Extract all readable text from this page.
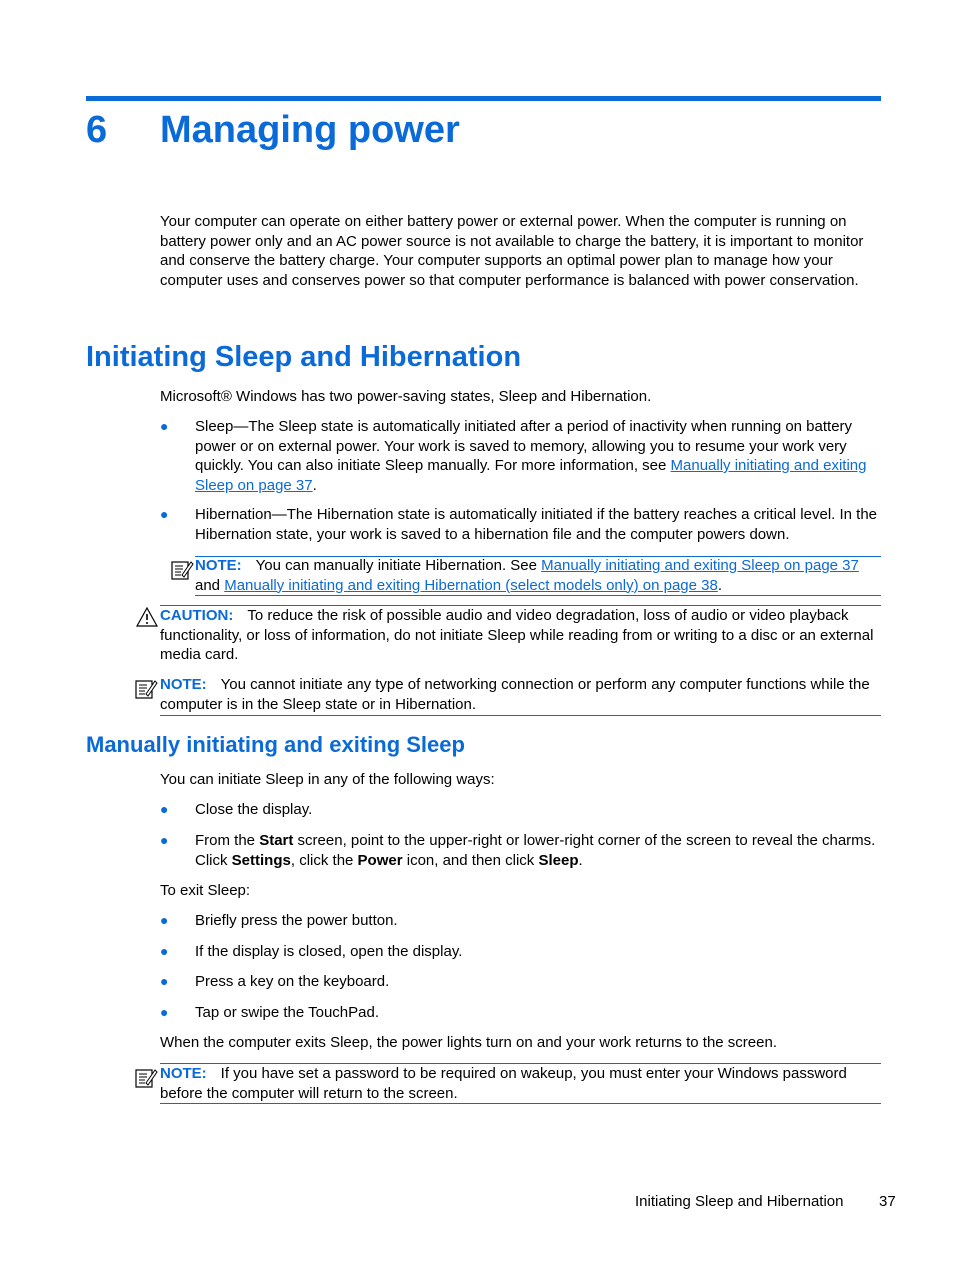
6 Managing power

Your computer can operate on either battery power or external power. When the computer is running on battery power only and an AC power source is not available to charge the battery, it is important to monitor and conserve the battery charge. Your computer supports an optimal power plan to manage how your computer uses and conserves power so that computer performance is balanced with power conservation.

Initiating Sleep and Hibernation

Microsoft® Windows has two power-saving states, Sleep and Hibernation.

● Sleep—The Sleep state is automatically initiated after a period of inactivity when running on battery power or on external power. Your work is saved to memory, allowing you to resume your work very quickly. You can also initiate Sleep manually. For more information, see Manually initiating and exiting Sleep on page 37.

● Hibernation—The Hibernation state is automatically initiated if the battery reaches a critical level. In the Hibernation state, your work is saved to a hibernation file and the computer powers down.

NOTE: You can manually initiate Hibernation. See Manually initiating and exiting Sleep on page 37 and Manually initiating and exiting Hibernation (select models only) on page 38.
CAUTION: To reduce the risk of possible audio and video degradation, loss of audio or video playback functionality, or loss of information, do not initiate Sleep while reading from or writing to a disc or an external media card.
NOTE: You cannot initiate any type of networking connection or perform any computer functions while the computer is in the Sleep state or in Hibernation.
Manually initiating and exiting Sleep

You can initiate Sleep in any of the following ways:

● Close the display.

● From the Start screen, point to the upper-right or lower-right corner of the screen to reveal the charms. Click Settings, click the Power icon, and then click Sleep.

To exit Sleep:

● Briefly press the power button.

● If the display is closed, open the display.

● Press a key on the keyboard.

● Tap or swipe the TouchPad.

When the computer exits Sleep, the power lights turn on and your work returns to the screen.

NOTE: If you have set a password to be required on wakeup, you must enter your Windows password before the computer will return to the screen.
Initiating Sleep and Hibernation 37
